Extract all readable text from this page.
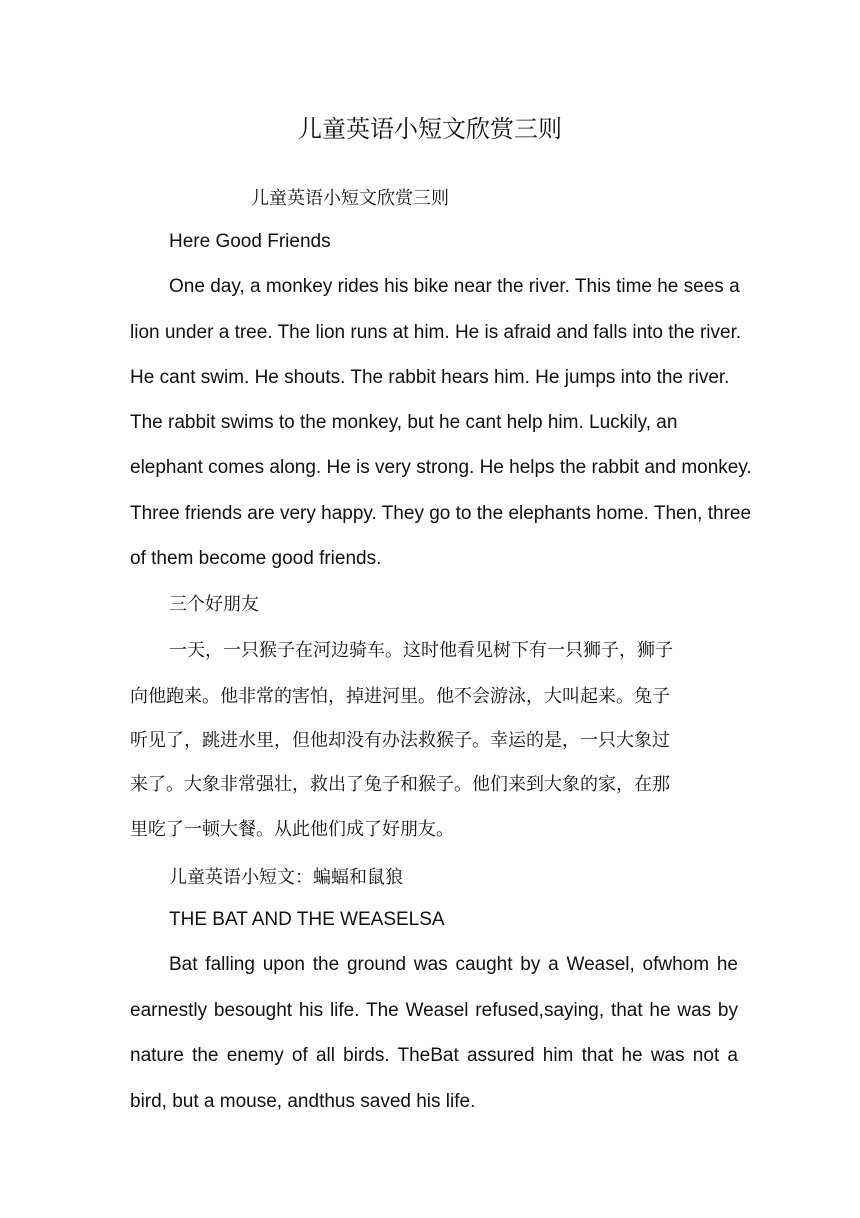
儿童英语小短文欣赏三则
儿童英语小短文欣赏三则
Here Good Friends
One day, a monkey rides his bike near the river. This time he sees a
lion under a tree. The lion runs at him. He is afraid and falls into the river.
He cant swim. He shouts. The rabbit hears him. He jumps into the river.
The rabbit swims to the monkey, but he cant help him. Luckily, an
elephant comes along. He is very strong. He helps the rabbit and monkey.
Three friends are very happy. They go to the elephants home. Then, three
of them become good friends.
三个好朋友
一天，一只猴子在河边骑车。这时他看见树下有一只狮子，狮子
向他跑来。他非常的害怕，掉进河里。他不会游泳，大叫起来。兔子
听见了，跳进水里，但他却没有办法救猴子。幸运的是，一只大象过
来了。大象非常强壮，救出了兔子和猴子。他们来到大象的家，在那
里吃了一顿大餐。从此他们成了好朋友。
儿童英语小短文：蝙蝠和鼠狼
THE BAT AND THE WEASELSA
Bat falling upon the ground was caught by a Weasel, ofwhom he
earnestly besought his life. The Weasel refused,saying, that he was by
nature the enemy of all birds. TheBat assured him that he was not a
bird, but a mouse, andthus saved his life.
